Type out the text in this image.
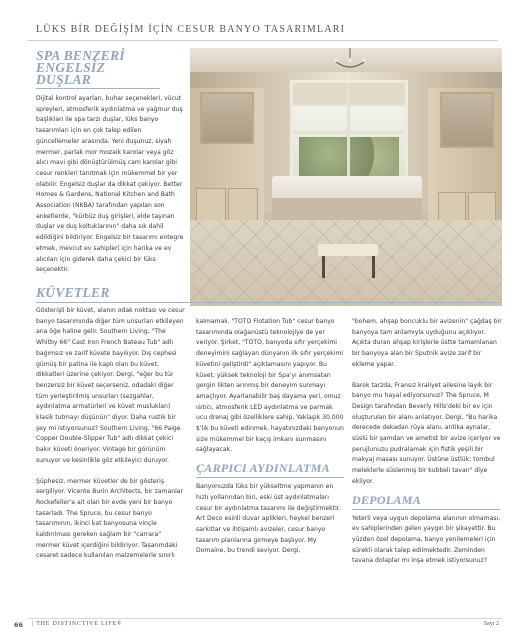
LÜKS BİR DEĞİŞİM İÇİN CESUR BANYO TASARIMLARI
SPA BENZERİ ENGELSİZ
DUŞLAR

Dijital kontrol ayarları, buhar seçenekleri, vücut spreyleri, atmosferik aydınlatma ve yağmur duş başlıkları ile spa tarzı duşlar, lüks banyo tasarımları için en çok talep edilen güncellemeler arasında. Yeni duşunuz, siyah mermer, parlak mor mozaik karolar veya göz alıcı mavi gibi dönüştürülmüş cam karolar gibi cesur renkleri tanıtmak için mükemmel bir yer olabilir. Engelsiz duşlar da dikkat çekiyor. Better Homes & Gardens, National Kitchen and Bath Association (NKBA) tarafından yapılan son anketlerde, "kürbüz duş girişleri, elde taşınan duşlar ve duş koltuklarının" daha sık dahil edildiğini bildiriyor. Engelsiz bir tasarımı entegre etmek, mevcut ev sahipleri için harika ve ev alıcıları için giderek daha çekici bir lüks seçenektir.

KÜVETLER

Gösterişli bir küvet, alanın odak noktası ve cesur banyo tasarımında diğer tüm unsurları etkileyen ana öğe haline gelir. Southern Living, "The Whitby 66" Cast Iron French Bateau Tub" adlı bağımsız ve zarif küvete bayılıyor. Dış cephesi gümüş bir patina ile kaplı olan bu küvet, dikkatleri üzerine çekiyor. Dergi, "eğer bu tür benzersiz bir küvet seçerseniz, odadaki diğer tüm yerleştirilmiş unsurları (sezgahlar, aydınlatma armatürleri ve küvet musluklan) klasik tutmayı düşünün" diyor. Daha rustik bir şey mi istiyorsunuz? Southern Living, "66 Paige Copper Double-Slipper Tub" adlı dikkat çekici bakır küveti öneriyor. Vintage bir görünüm sunuyor ve kesinlikle göz etkileyici duruyor.

Şüphesiz, mermer küvetler de bir gösteriş sergiliyor. Vicente Burin Architects, bir zamanlar Rockefeller'a ait olan bir evde yeni bir banyo tasarladı. The Spruce, bu cesur banyo tasarımının, ikinci kat banyosuna vinçle kaldırılması gereken sağlam bir "carrara" mermer küvet içerdiğini bildiriyor. Tasarımdaki cesaret sadece kullanılan malzemelerle sınırlı

kalmamalı. "TOTO Flotation Tub" cesur banyo tasarımında olağanüstü teknolojiye de yer veriyor. Şirket, "TOTO, banyoda sıfır yerçekimi deneyimini sağlayan dünyanın ilk sıfır yerçekimi küvetini geliştirdi" açıklamasını yapıyor. Bu küvet, yüksek teknoloji bir Spa'yı anımsatan gergin likten arınmış bir deneyim sunmayı amaçlıyor. Ayarlanabilir baş dayama yeri, omuz ısıtıcı, atmosferik LED aydınlatma ve parmak ucu drenaj gibi özelliklere sahip. Yaklaşık 30.000 $'lık bu küveti edinmek, hayatınızdaki banyonun size mükemmel bir kaçış imkanı sunmasını sağlayacak.

ÇARPICI AYDINLATMA

Banyonuzda lüks bir yükseltme yapmanın en hızlı yollarından biri, eski üst aydınlatmaları cesur bir aydınlatma tasarımı ile değiştirmektir. Art Deco esinli duvar aplikleri, heykel benzeri sarkıtlar ve ihtişamlı avizeler, cesur banyo tasarım planlarına girmeye başlıyor. My Domaine, bu trendi seviyor. Dergi,

"bohem, ahşap boncuklu bir avizenin" çağdaş bir banyoya tam anlamıyla uyduğunu açıklıyor. Açıkta duran ahşap kirişlerle üstte tamamlanan bir banyoya alan bir Sputnik avize zarif bir ekleme yapar.

Barok tarzda, Fransız kraliyet ailesine layık bir banyo mu hayal ediyorsunuz? The Spruce, M Design tarafından Beverly Hills'deki bir ev için oluşturulan bir alanı anlatıyor. Dergi, "Bu harika derecede dekadan rüya alanı, antika aynalar, süslü bir şamdan ve ametist bir avize içeriyor ve perujlunuzu pudralamak için fistik yeşili bir makyaj masası sunuyor. Üstüne üstlük; tombul meleklerle süslenmiş bir kubbeli tavan" diye ekliyor.

DEPOLAMA

Yeterli veya uygun depolama alanının olmaması, ev sahiplerinden gelen yaygın bir şikayettir. Bu yüzden özel depolama, banyo yenilemeleri için sürekli olarak talep edilmektedir. Zeminden tavana dolaplar mı inşa etmek istiyorsunuz?

66 | THE DISTINCTIVE LIFE®	Sayı 2
